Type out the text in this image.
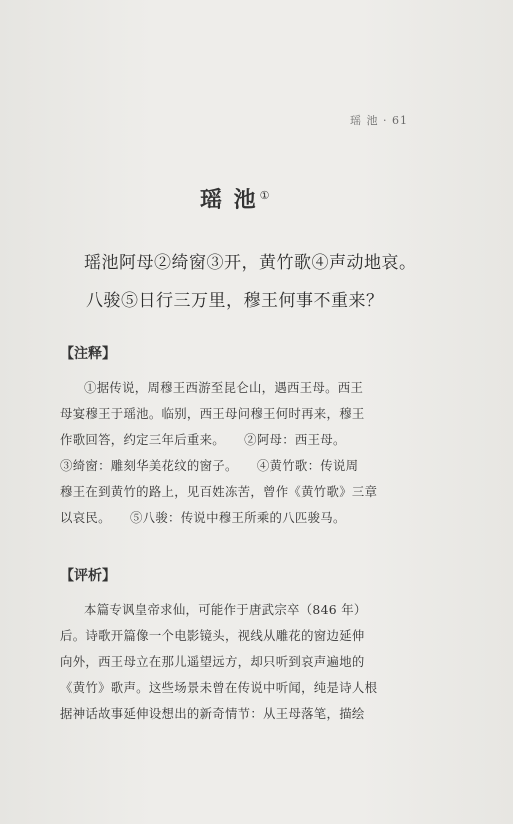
瑶 池 · 61
瑶 池 ①
瑶池阿母②绮窗③开，黄竹歌④声动地哀。
八骏⑤日行三万里，穆王何事不重来？
【注释】
①据传说，周穆王西游至昆仑山，遇西王母。西王
母宴穆王于瑶池。临别，西王母问穆王何时再来，穆王
作歌回答，约定三年后重来。　　②阿母：西王母。
③绮窗：雕刻华美花纹的窗子。　　④黄竹歌：传说周
穆王在到黄竹的路上，见百姓冻苦，曾作《黄竹歌》三章
以哀民。　　⑤八骏：传说中穆王所乘的八匹骏马。
【评析】
本篇专讽皇帝求仙，可能作于唐武宗卒（846 年）
后。诗歌开篇像一个电影镜头，视线从雕花的窗边延伸
向外，西王母立在那儿遥望远方，却只听到哀声遍地的
《黄竹》歌声。这些场景未曾在传说中听闻，纯是诗人根
据神话故事延伸设想出的新奇情节：从王母落笔，描绘
